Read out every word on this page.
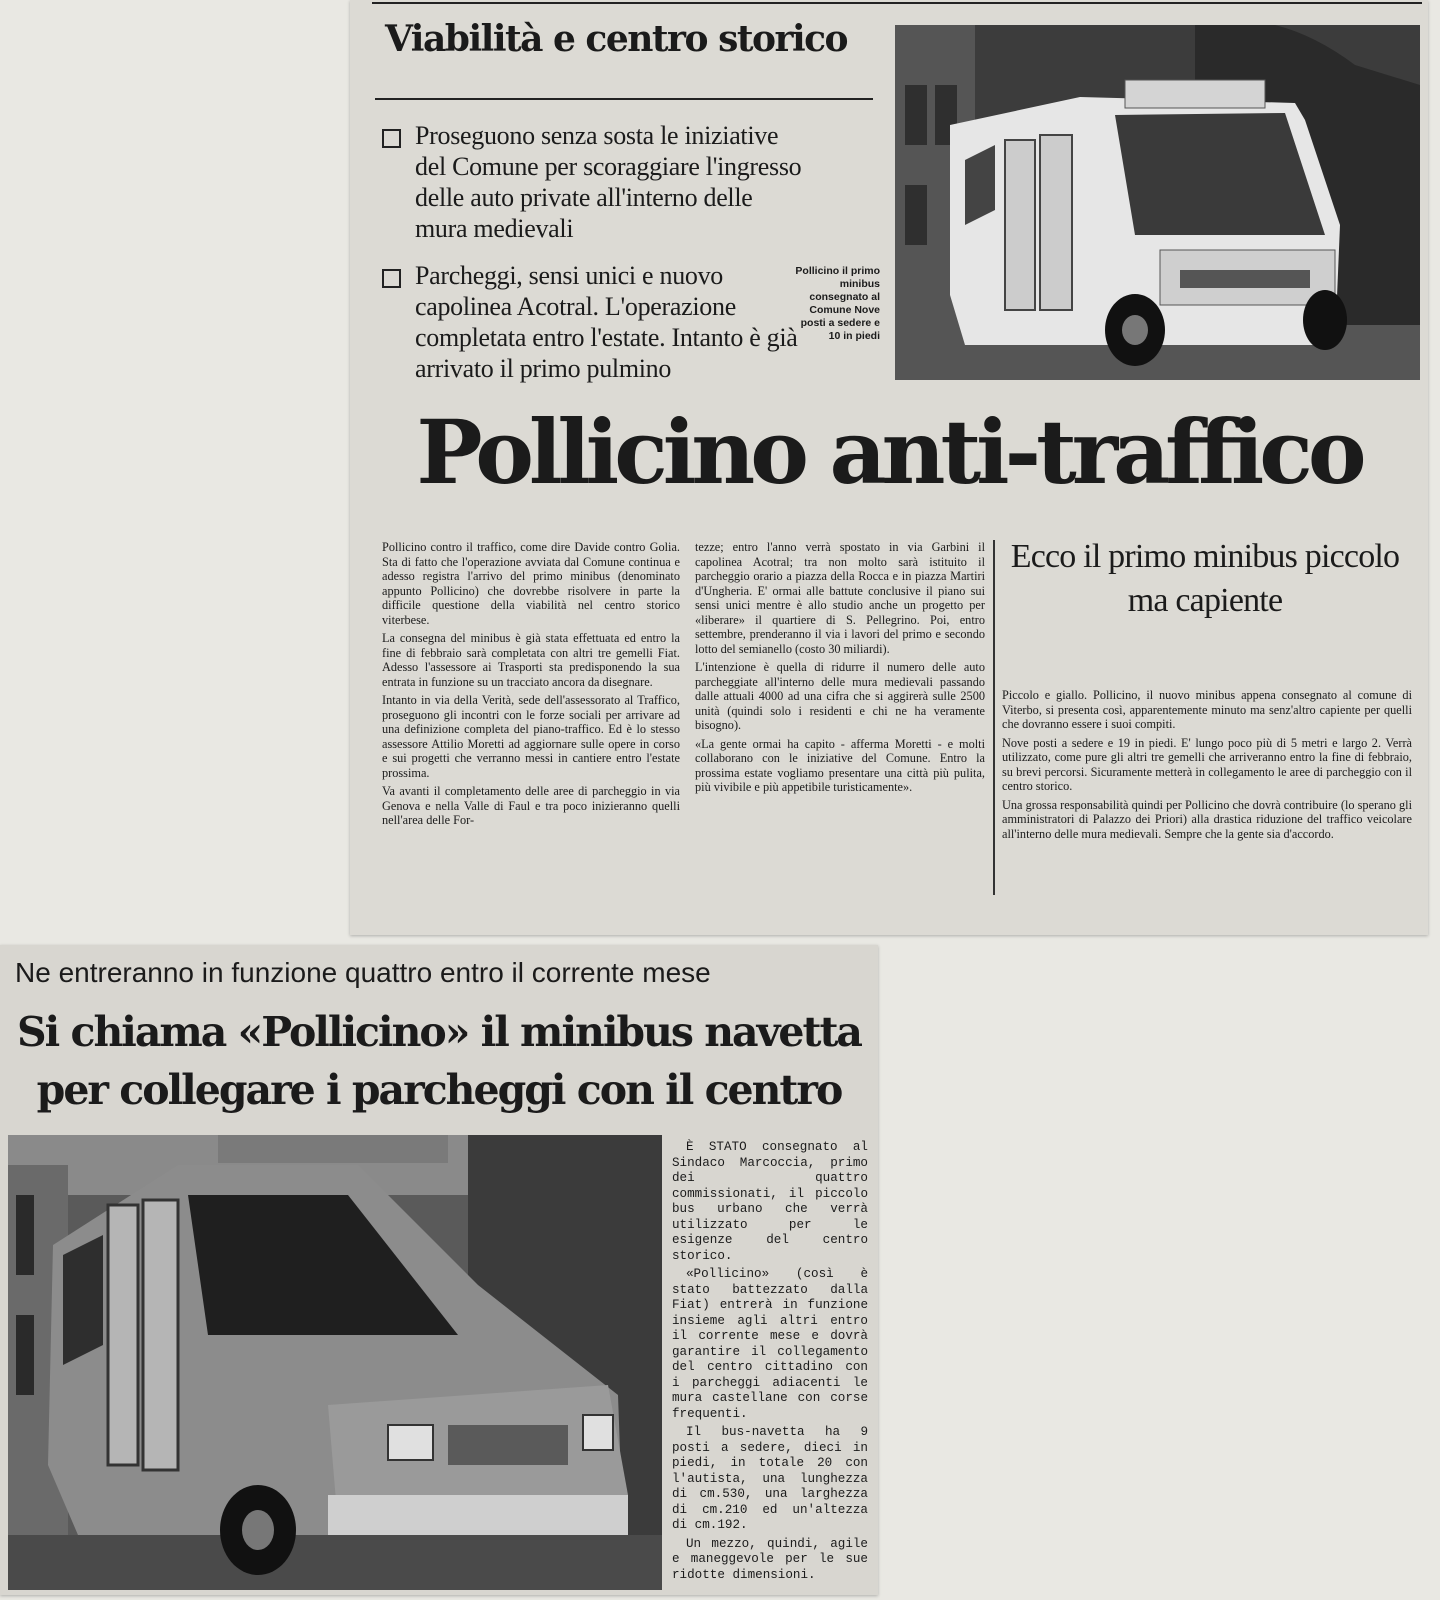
Viabilità e centro storico
Proseguono senza sosta le iniziative del Comune per scoraggiare l'ingresso delle auto private all'interno delle mura medievali
Parcheggi, sensi unici e nuovo capolinea Acotral. L'operazione completata entro l'estate. Intanto è già arrivato il primo pulmino
Pollicino il primo minibus consegnato al Comune Nove posti a sedere e 10 in piedi
Pollicino anti-traffico

Pollicino contro il traffico, come dire Davide contro Golia. Sta di fatto che l'operazione avviata dal Comune continua e adesso registra l'arrivo del primo minibus (denominato appunto Pollicino) che dovrebbe risolvere in parte la difficile questione della viabilità nel centro storico viterbese.

La consegna del minibus è già stata effettuata ed entro la fine di febbraio sarà completata con altri tre gemelli Fiat. Adesso l'assessore ai Trasporti sta predisponendo la sua entrata in funzione su un tracciato ancora da disegnare.

Intanto in via della Verità, sede dell'assessorato al Traffico, proseguono gli incontri con le forze sociali per arrivare ad una definizione completa del piano-traffico. Ed è lo stesso assessore Attilio Moretti ad aggiornare sulle opere in corso e sui progetti che verranno messi in cantiere entro l'estate prossima.

Va avanti il completamento delle aree di parcheggio in via Genova e nella Valle di Faul e tra poco inizieranno quelli nell'area delle For-

tezze; entro l'anno verrà spostato in via Garbini il capolinea Acotral; tra non molto sarà istituito il parcheggio orario a piazza della Rocca e in piazza Martiri d'Ungheria. E' ormai alle battute conclusive il piano sui sensi unici mentre è allo studio anche un progetto per «liberare» il quartiere di S. Pellegrino. Poi, entro settembre, prenderanno il via i lavori del primo e secondo lotto del semianello (costo 30 miliardi).

L'intenzione è quella di ridurre il numero delle auto parcheggiate all'interno delle mura medievali passando dalle attuali 4000 ad una cifra che si aggirerà sulle 2500 unità (quindi solo i residenti e chi ne ha veramente bisogno).

«La gente ormai ha capito - afferma Moretti - e molti collaborano con le iniziative del Comune. Entro la prossima estate vogliamo presentare una città più pulita, più vivibile e più appetibile turisticamente».

Ecco il primo minibus piccolo ma capiente

Piccolo e giallo. Pollicino, il nuovo minibus appena consegnato al comune di Viterbo, si presenta così, apparentemente minuto ma senz'altro capiente per quelli che dovranno essere i suoi compiti.

Nove posti a sedere e 19 in piedi. E' lungo poco più di 5 metri e largo 2. Verrà utilizzato, come pure gli altri tre gemelli che arriveranno entro la fine di febbraio, su brevi percorsi. Sicuramente metterà in collegamento le aree di parcheggio con il centro storico.

Una grossa responsabilità quindi per Pollicino che dovrà contribuire (lo sperano gli amministratori di Palazzo dei Priori) alla drastica riduzione del traffico veicolare all'interno delle mura medievali. Sempre che la gente sia d'accordo.

Ne entreranno in funzione quattro entro il corrente mese
Si chiama «Pollicino» il minibus navetta
per collegare i parcheggi con il centro

È STATO consegnato al Sindaco Marcoccia, primo dei quattro commissionati, il piccolo bus urbano che verrà utilizzato per le esigenze del centro storico.

«Pollicino» (così è stato battezzato dalla Fiat) entrerà in funzione insieme agli altri entro il corrente mese e dovrà garantire il collegamento del centro cittadino con i parcheggi adiacenti le mura castellane con corse frequenti.

Il bus-navetta ha 9 posti a sedere, dieci in piedi, in totale 20 con l'autista, una lunghezza di cm.530, una larghezza di cm.210 ed un'altezza di cm.192.

Un mezzo, quindi, agile e maneggevole per le sue ridotte dimensioni.
